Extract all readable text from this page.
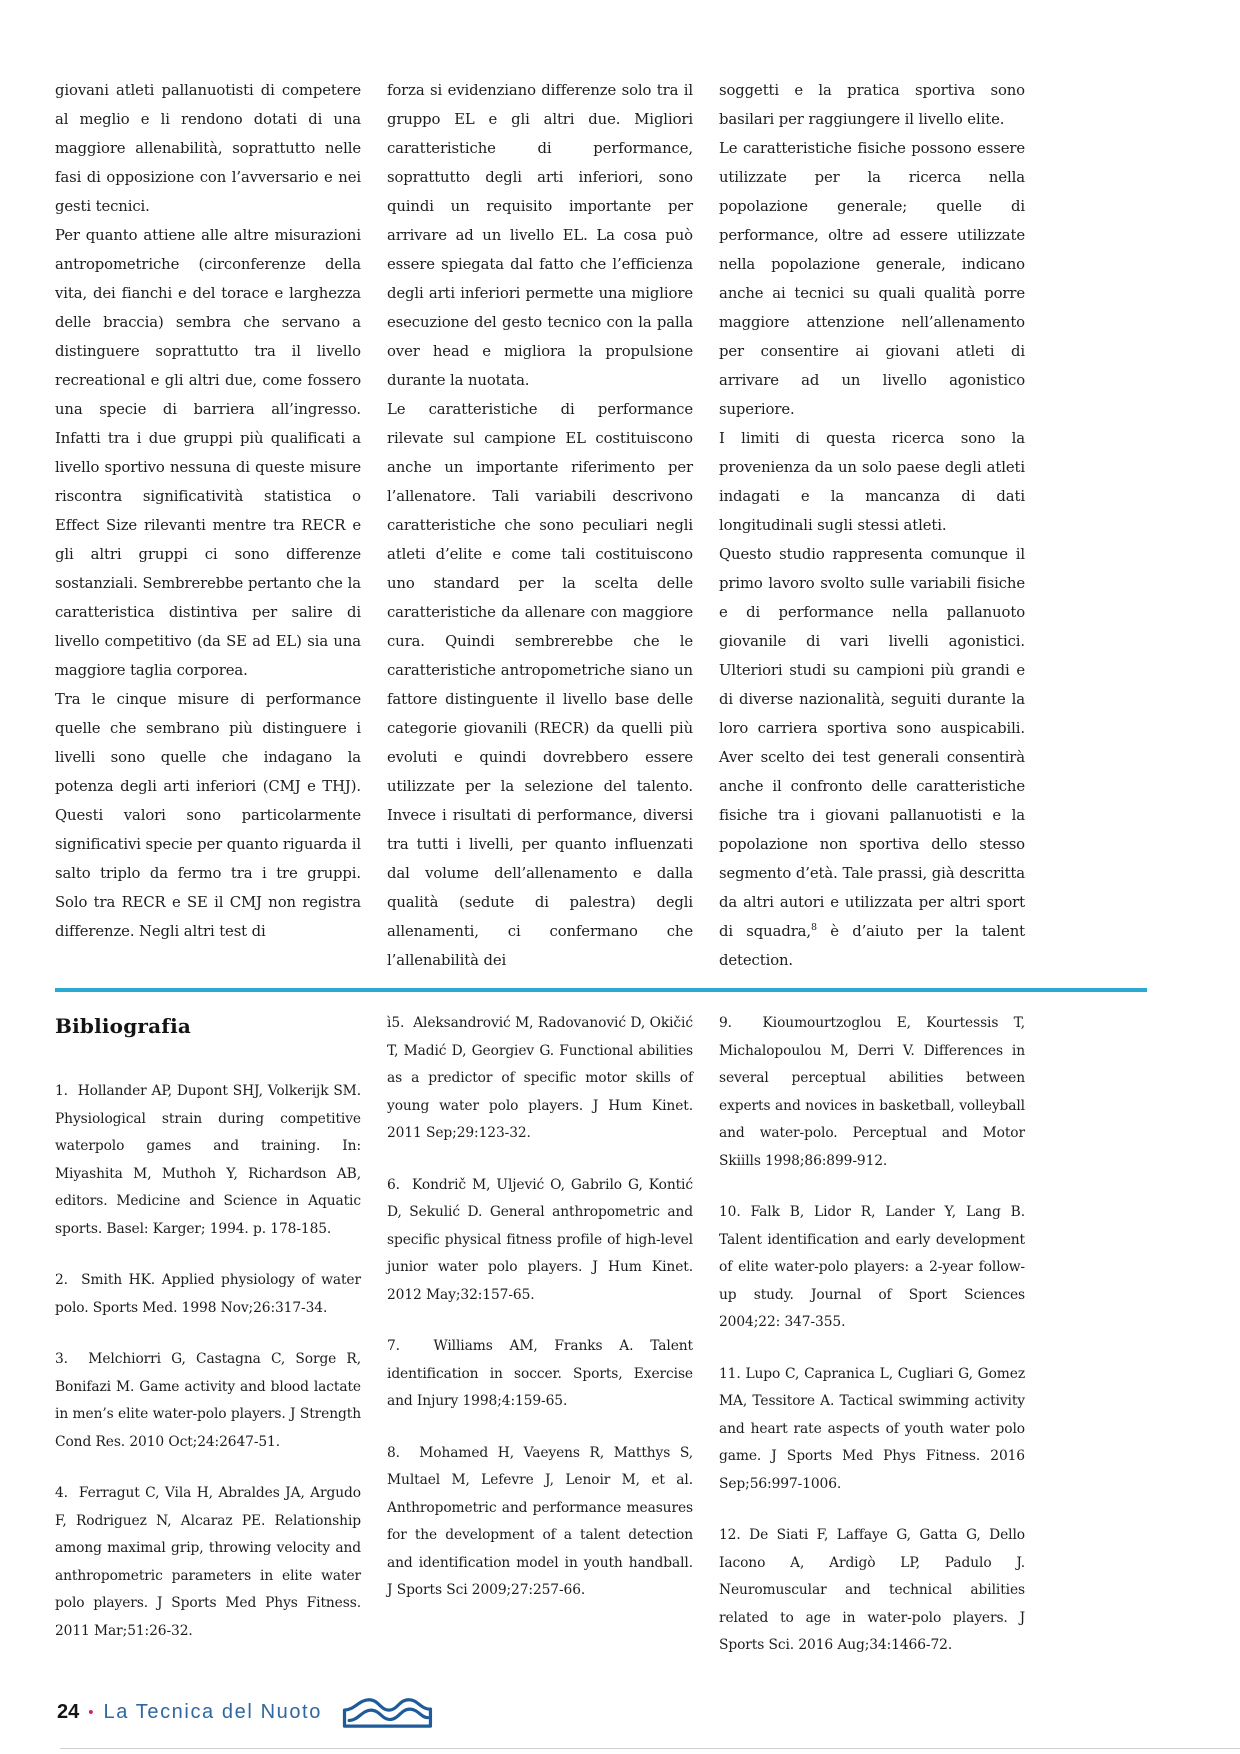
giovani atleti pallanuotisti di competere al meglio e li rendono dotati di una maggiore allenabilità, soprattutto nelle fasi di opposizione con l’avversario e nei gesti tecnici.

Per quanto attiene alle altre misurazioni antropometriche (circonferenze della vita, dei fianchi e del torace e larghezza delle braccia) sembra che servano a distinguere soprattutto tra il livello recreational e gli altri due, come fossero una specie di barriera all’ingresso. Infatti tra i due gruppi più qualificati a livello sportivo nessuna di queste misure riscontra significatività statistica o Effect Size rilevanti mentre tra RECR e gli altri gruppi ci sono differenze sostanziali. Sembrerebbe pertanto che la caratteristica distintiva per salire di livello competitivo (da SE ad EL) sia una maggiore taglia corporea.

Tra le cinque misure di performance quelle che sembrano più distinguere i livelli sono quelle che indagano la potenza degli arti inferiori (CMJ e THJ). Questi valori sono particolarmente significativi specie per quanto riguarda il salto triplo da fermo tra i tre gruppi. Solo tra RECR e SE il CMJ non registra differenze. Negli altri test di

forza si evidenziano differenze solo tra il gruppo EL e gli altri due. Migliori caratteristiche di performance, soprattutto degli arti inferiori, sono quindi un requisito importante per arrivare ad un livello EL. La cosa può essere spiegata dal fatto che l’efficienza degli arti inferiori permette una migliore esecuzione del gesto tecnico con la palla over head e migliora la propulsione durante la nuotata.

Le caratteristiche di performance rilevate sul campione EL costituiscono anche un importante riferimento per l’allenatore. Tali variabili descrivono caratteristiche che sono peculiari negli atleti d’elite e come tali costituiscono uno standard per la scelta delle caratteristiche da allenare con maggiore cura. Quindi sembrerebbe che le caratteristiche antropometriche siano un fattore distinguente il livello base delle categorie giovanili (RECR) da quelli più evoluti e quindi dovrebbero essere utilizzate per la selezione del talento. Invece i risultati di performance, diversi tra tutti i livelli, per quanto influenzati dal volume dell’allenamento e dalla qualità (sedute di palestra) degli allenamenti, ci confermano che l’allenabilità dei

soggetti e la pratica sportiva sono basilari per raggiungere il livello elite.

Le caratteristiche fisiche possono essere utilizzate per la ricerca nella popolazione generale; quelle di performance, oltre ad essere utilizzate nella popolazione generale, indicano anche ai tecnici su quali qualità porre maggiore attenzione nell’allenamento per consentire ai giovani atleti di arrivare ad un livello agonistico superiore.

I limiti di questa ricerca sono la provenienza da un solo paese degli atleti indagati e la mancanza di dati longitudinali sugli stessi atleti.

Questo studio rappresenta comunque il primo lavoro svolto sulle variabili fisiche e di performance nella pallanuoto giovanile di vari livelli agonistici. Ulteriori studi su campioni più grandi e di diverse nazionalità, seguiti durante la loro carriera sportiva sono auspicabili. Aver scelto dei test generali consentirà anche il confronto delle caratteristiche fisiche tra i giovani pallanuotisti e la popolazione non sportiva dello stesso segmento d’età. Tale prassi, già descritta da altri autori e utilizzata per altri sport di squadra,$^8$ è d’aiuto per la talent detection.

Bibliografia

1.  Hollander AP, Dupont SHJ, Volkerijk SM. Physiological strain during competitive waterpolo games and training. In: Miyashita M, Muthoh Y, Richardson AB, editors. Medicine and Science in Aquatic sports. Basel: Karger; 1994. p. 178-185.

2.  Smith HK. Applied physiology of water polo. Sports Med. 1998 Nov;26:317-34.

3.  Melchiorri G, Castagna C, Sorge R, Bonifazi M. Game activity and blood lactate in men’s elite water-polo players. J Strength Cond Res. 2010 Oct;24:2647-51.

4.  Ferragut C, Vila H, Abraldes JA, Argudo F, Rodriguez N, Alcaraz PE. Relationship among maximal grip, throwing velocity and anthropometric parameters in elite water polo players. J Sports Med Phys Fitness. 2011 Mar;51:26-32.

ì5.  Aleksandrović M, Radovanović D, Okičić T, Madić D, Georgiev G. Functional abilities as a predictor of specific motor skills of young water polo players. J Hum Kinet. 2011 Sep;29:123-32.

6.  Kondrič M, Uljević O, Gabrilo G, Kontić D, Sekulić D. General anthropometric and specific physical fitness profile of high-level junior water polo players. J Hum Kinet. 2012 May;32:157-65.

7.  Williams AM, Franks A. Talent identification in soccer. Sports, Exercise and Injury 1998;4:159-65.

8.  Mohamed H, Vaeyens R, Matthys S, Multael M, Lefevre J, Lenoir M, et al. Anthropometric and performance measures for the development of a talent detection and identification model in youth handball. J Sports Sci 2009;27:257-66.

9.  Kioumourtzoglou E, Kourtessis T, Michalopoulou M, Derri V. Differences in several perceptual abilities between experts and novices in basketball, volleyball and water-polo. Perceptual and Motor Skiills 1998;86:899-912.

10. Falk B, Lidor R, Lander Y, Lang B. Talent identification and early development of elite water-polo players: a 2-year follow-up study. Journal of Sport Sciences 2004;22: 347-355.

11. Lupo C, Capranica L, Cugliari G, Gomez MA, Tessitore A. Tactical swimming activity and heart rate aspects of youth water polo game. J Sports Med Phys Fitness. 2016 Sep;56:997-1006.

12. De Siati F, Laffaye G, Gatta G, Dello Iacono A, Ardigò LP, Padulo J. Neuromuscular and technical abilities related to age in water-polo players. J Sports Sci. 2016 Aug;34:1466-72.

24 • La Tecnica del Nuoto
